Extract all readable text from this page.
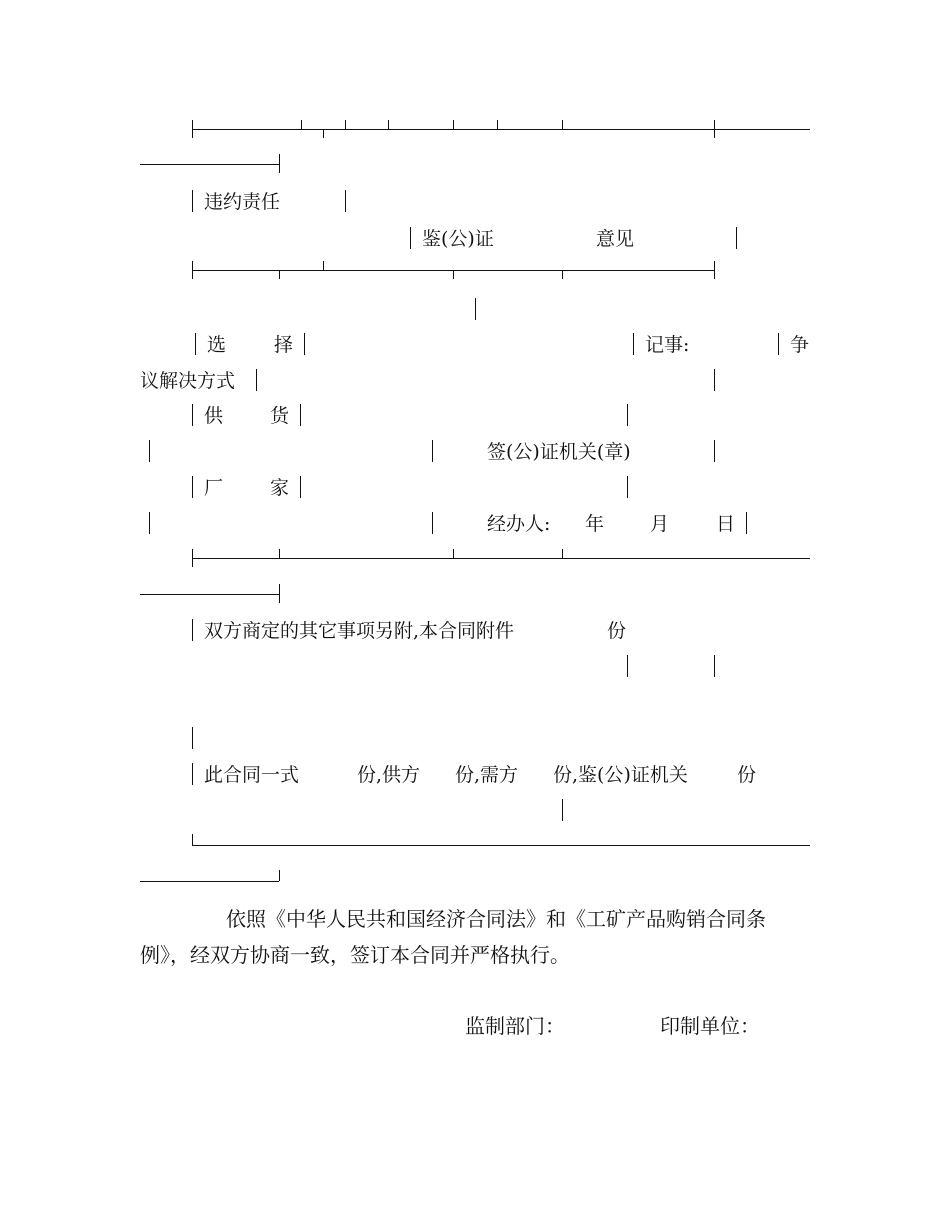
违约责任
鉴(公)证	意见
选	择	记事:	争
议解决方式
供 货
签(公)证机关(章)
厂 家
经办人: 年 月 日
双方商定的其它事项另附,本合同附件	份
此合同一式	份,供方 份,需方 份,鉴(公)证机关	份
依照《中华人民共和国经济合同法》和《工矿产品购销合同条
例》，经双方协商一致，签订本合同并严格执行。
监制部门：	印制单位：
